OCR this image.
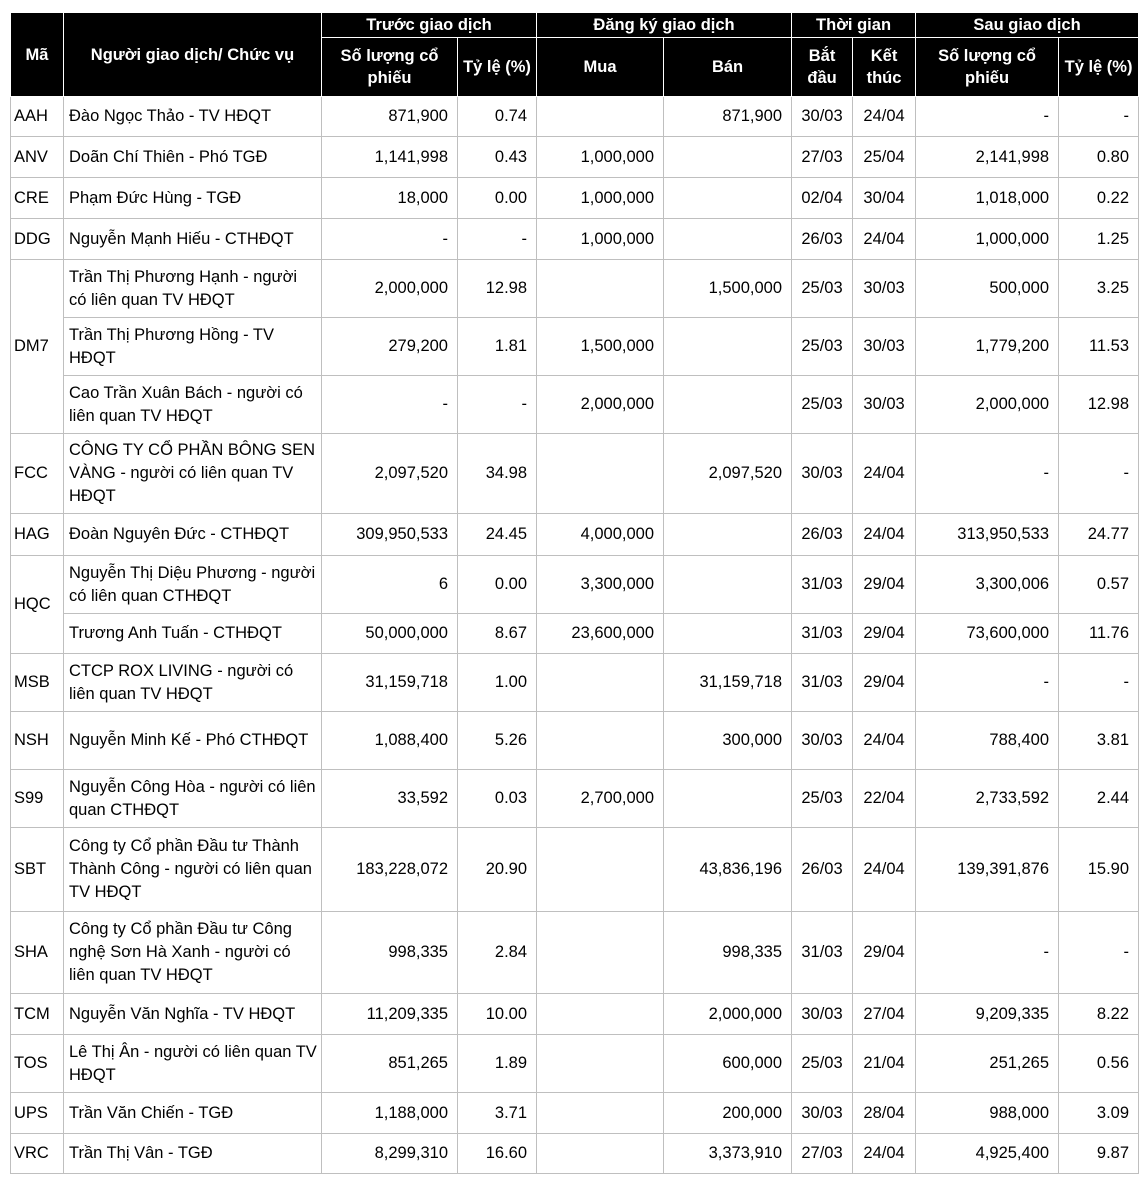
Mã	Người giao dịch/ Chức vụ	Trước giao dịch		Đăng ký giao dịch		Thời gian		Sau giao dịch	
		Số lượng cổ phiếu	Tỷ lệ (%)	Mua	Bán	Bắt đầu	Kết thúc	Số lượng cổ phiếu	Tỷ lệ (%)
AAH	Đào Ngọc Thảo - TV HĐQT	871,900	0.74		871,900	30/03	24/04	-	-
ANV	Doãn Chí Thiên - Phó TGĐ	1,141,998	0.43	1,000,000		27/03	25/04	2,141,998	0.80
CRE	Phạm Đức Hùng - TGĐ	18,000	0.00	1,000,000		02/04	30/04	1,018,000	0.22
DDG	Nguyễn Mạnh Hiếu - CTHĐQT	-	-	1,000,000		26/03	24/04	1,000,000	1.25
DM7	Trần Thị Phương Hạnh - người có liên quan TV HĐQT	2,000,000	12.98		1,500,000	25/03	30/03	500,000	3.25
	Trần Thị Phương Hồng - TV HĐQT	279,200	1.81	1,500,000		25/03	30/03	1,779,200	11.53
	Cao Trần Xuân Bách - người có liên quan TV HĐQT	-	-	2,000,000		25/03	30/03	2,000,000	12.98
FCC	CÔNG TY CỔ PHẦN BÔNG SEN VÀNG - người có liên quan TV HĐQT	2,097,520	34.98		2,097,520	30/03	24/04	-	-
HAG	Đoàn Nguyên Đức - CTHĐQT	309,950,533	24.45	4,000,000		26/03	24/04	313,950,533	24.77
HQC	Nguyễn Thị Diệu Phương - người có liên quan CTHĐQT	6	0.00	3,300,000		31/03	29/04	3,300,006	0.57
	Trương Anh Tuấn - CTHĐQT	50,000,000	8.67	23,600,000		31/03	29/04	73,600,000	11.76
MSB	CTCP ROX LIVING - người có liên quan TV HĐQT	31,159,718	1.00		31,159,718	31/03	29/04	-	-
NSH	Nguyễn Minh Kế - Phó CTHĐQT	1,088,400	5.26		300,000	30/03	24/04	788,400	3.81
S99	Nguyễn Công Hòa - người có liên quan CTHĐQT	33,592	0.03	2,700,000		25/03	22/04	2,733,592	2.44
SBT	Công ty Cổ phần Đầu tư Thành Thành Công - người có liên quan TV HĐQT	183,228,072	20.90		43,836,196	26/03	24/04	139,391,876	15.90
SHA	Công ty Cổ phần Đầu tư Công nghệ Sơn Hà Xanh - người có liên quan TV HĐQT	998,335	2.84		998,335	31/03	29/04	-	-
TCM	Nguyễn Văn Nghĩa - TV HĐQT	11,209,335	10.00		2,000,000	30/03	27/04	9,209,335	8.22
TOS	Lê Thị Ân - người có liên quan TV HĐQT	851,265	1.89		600,000	25/03	21/04	251,265	0.56
UPS	Trần Văn Chiến - TGĐ	1,188,000	3.71		200,000	30/03	28/04	988,000	3.09
VRC	Trần Thị Vân - TGĐ	8,299,310	16.60		3,373,910	27/03	24/04	4,925,400	9.87
